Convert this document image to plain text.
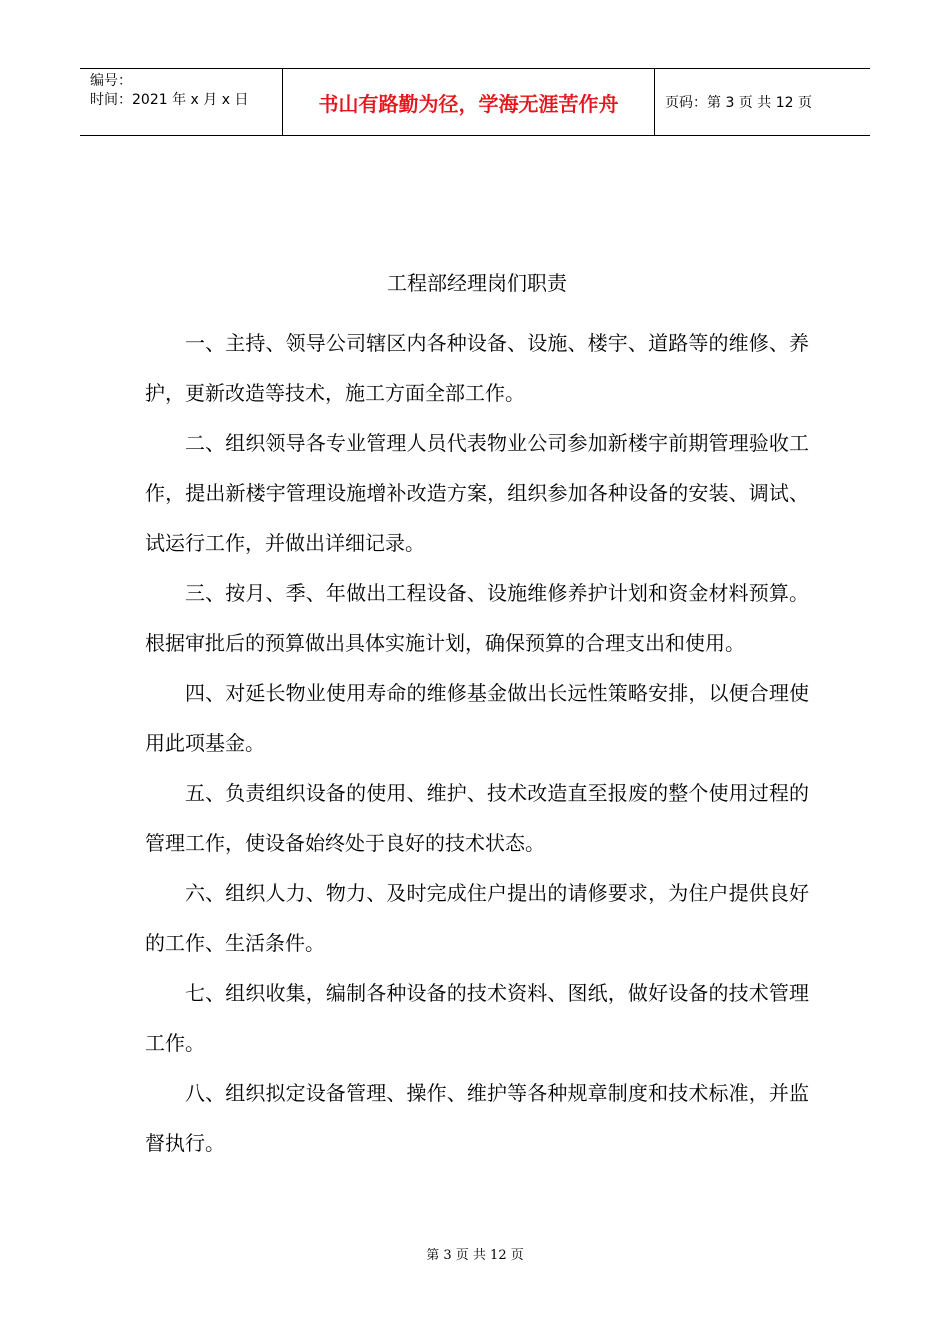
编号：
时间：2021 年 x 月 x 日	书山有路勤为径，学海无涯苦作舟	页码：第 3 页 共 12 页
工程部经理岗们职责

一、主持、领导公司辖区内各种设备、设施、楼宇、道路等的维修、养护，更新改造等技术，施工方面全部工作。

二、组织领导各专业管理人员代表物业公司参加新楼宇前期管理验收工作，提出新楼宇管理设施增补改造方案，组织参加各种设备的安装、调试、试运行工作，并做出详细记录。

三、按月、季、年做出工程设备、设施维修养护计划和资金材料预算。根据审批后的预算做出具体实施计划，确保预算的合理支出和使用。

四、对延长物业使用寿命的维修基金做出长远性策略安排，以便合理使用此项基金。

五、负责组织设备的使用、维护、技术改造直至报废的整个使用过程的管理工作，使设备始终处于良好的技术状态。

六、组织人力、物力、及时完成住户提出的请修要求，为住户提供良好的工作、生活条件。

七、组织收集，编制各种设备的技术资料、图纸，做好设备的技术管理工作。

八、组织拟定设备管理、操作、维护等各种规章制度和技术标准，并监督执行。

第 3 页 共 12 页
